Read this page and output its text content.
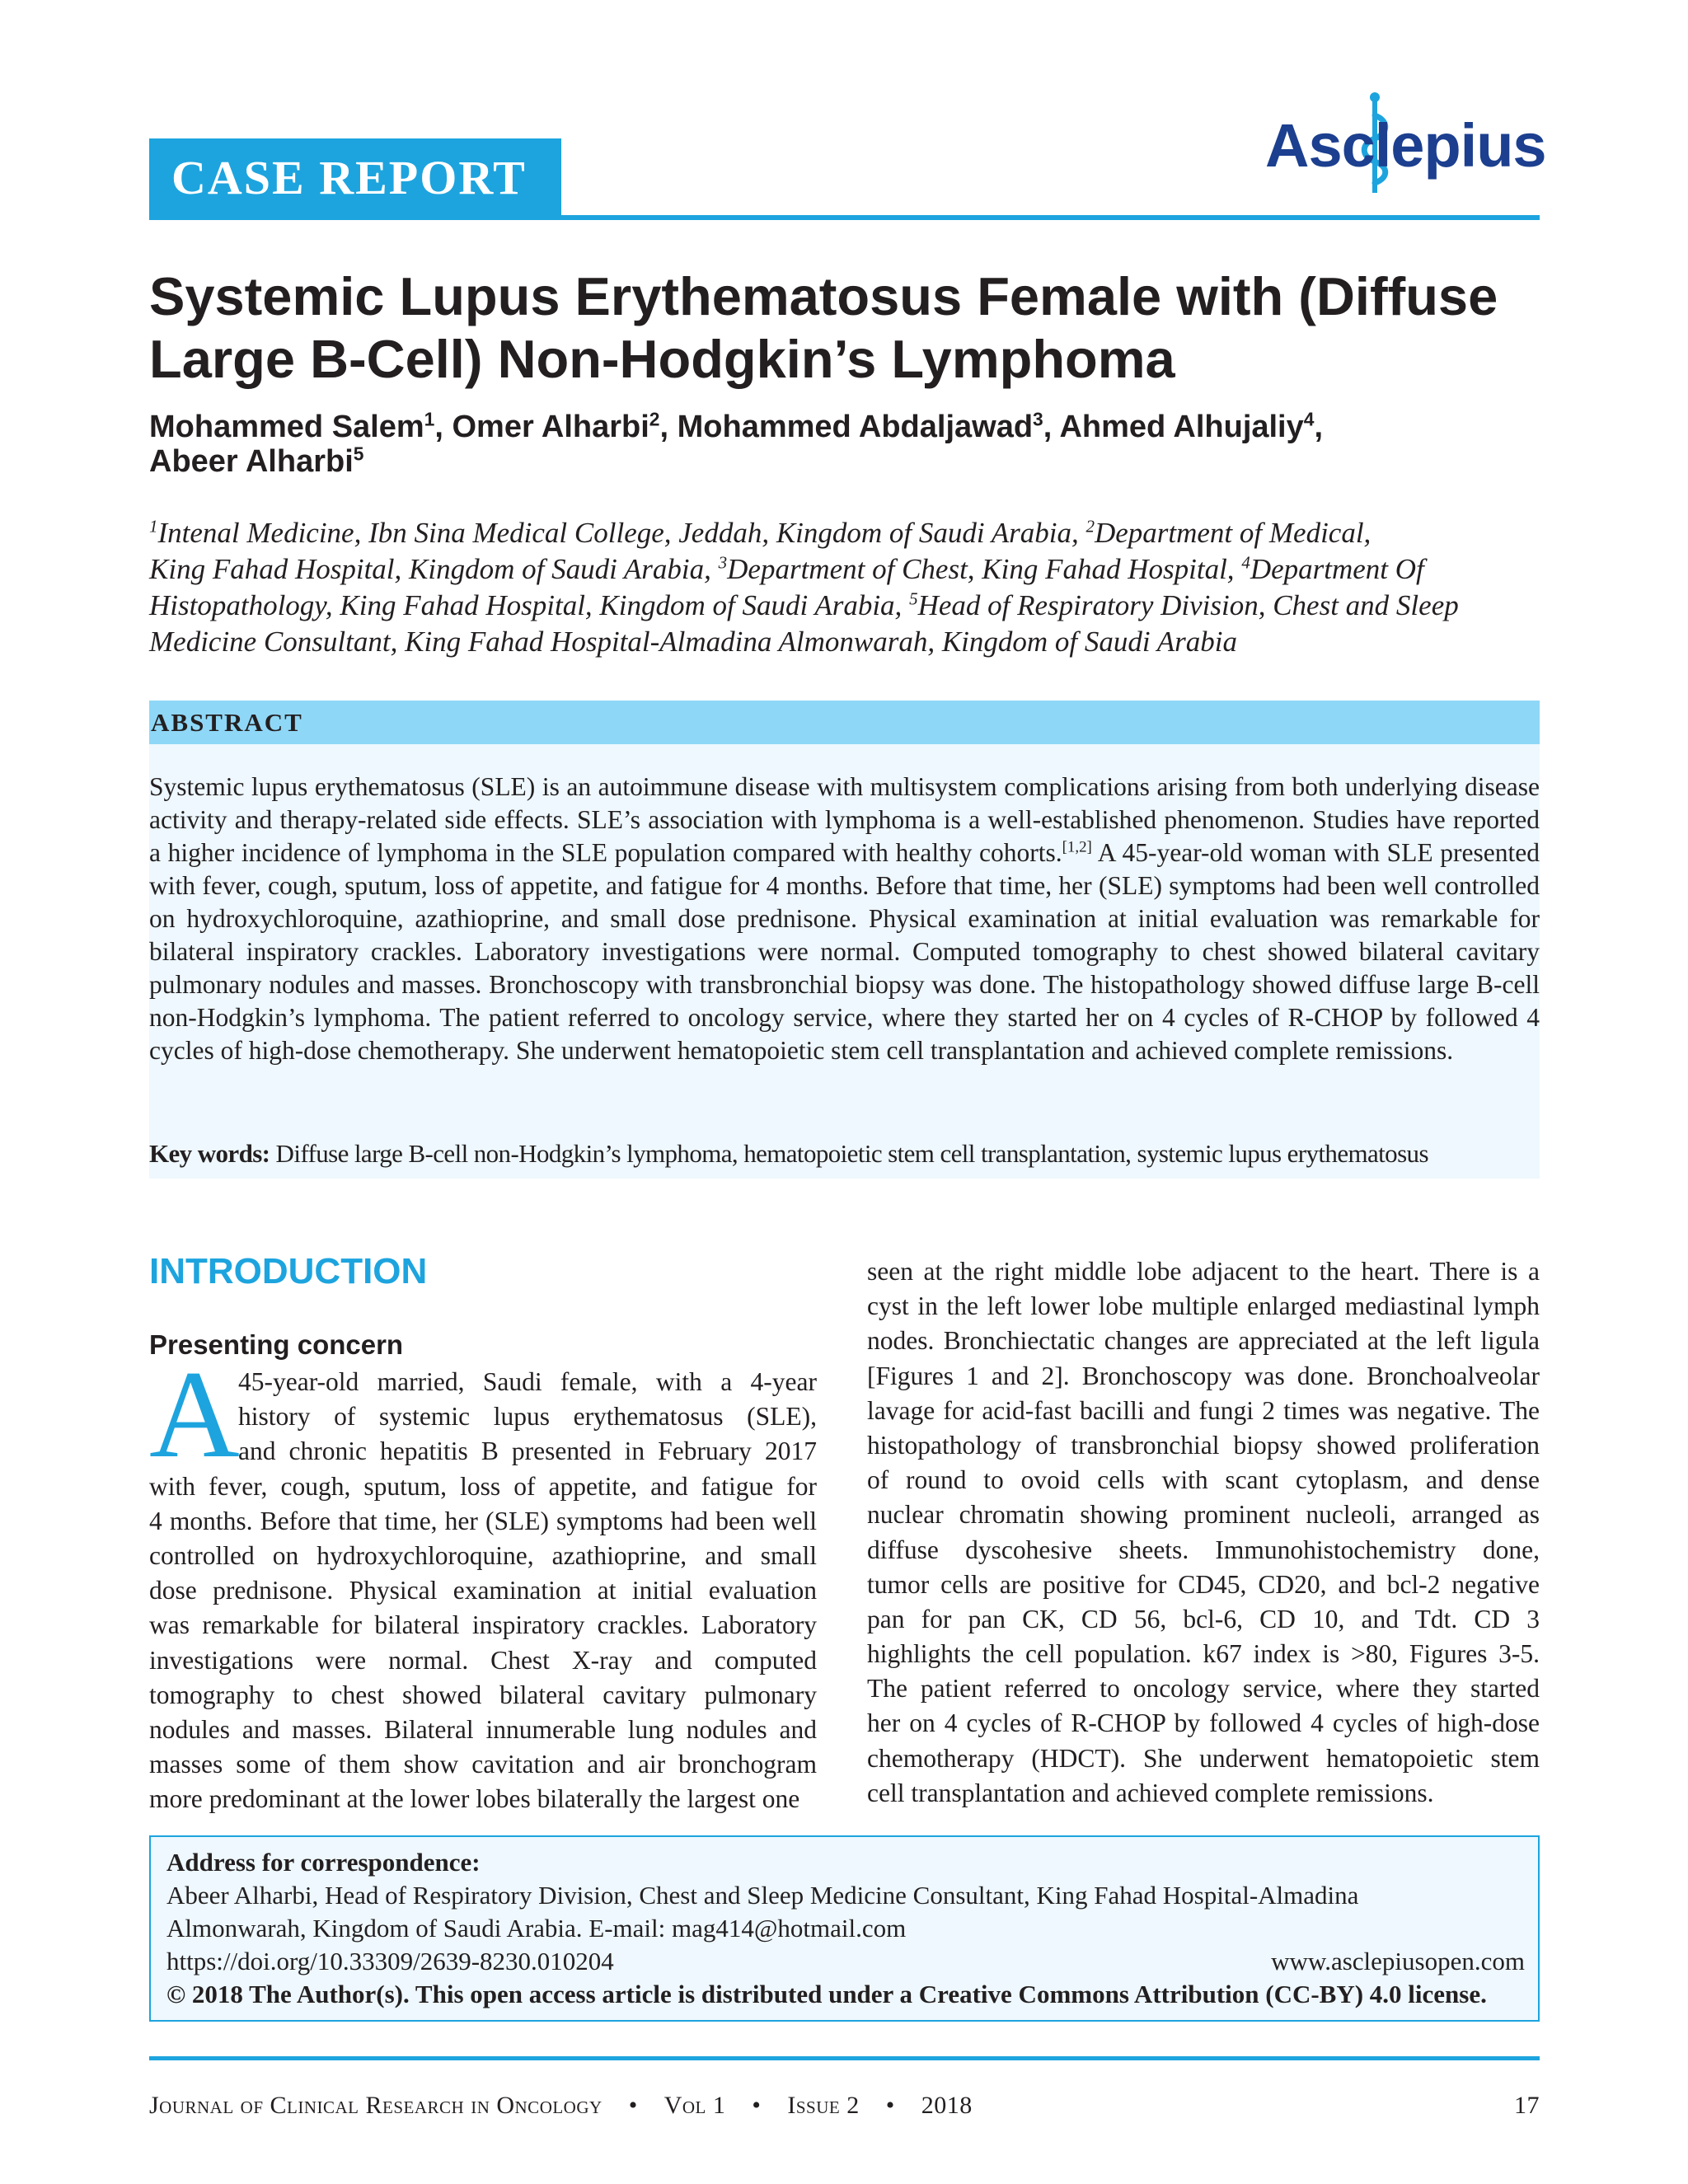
CASE REPORT	Asclepius
Systemic Lupus Erythematosus Female with (Diffuse
Large B-Cell) Non-Hodgkin’s Lymphoma
Mohammed Salem$^1$, Omer Alharbi$^2$, Mohammed Abdaljawad$^3$, Ahmed Alhujaliy$^4$,
Abeer Alharbi$^5$
$^1$Intenal Medicine, Ibn Sina Medical College, Jeddah, Kingdom of Saudi Arabia, $^2$Department of Medical,
King Fahad Hospital, Kingdom of Saudi Arabia, $^3$Department of Chest, King Fahad Hospital, $^4$Department Of
Histopathology, King Fahad Hospital, Kingdom of Saudi Arabia, $^5$Head of Respiratory Division, Chest and Sleep
Medicine Consultant, King Fahad Hospital-Almadina Almonwarah, Kingdom of Saudi Arabia
ABSTRACT
Systemic lupus erythematosus (SLE) is an autoimmune disease with multisystem complications arising from both underlying disease activity and therapy-related side effects. SLE’s association with lymphoma is a well-established phenomenon. Studies have reported a higher incidence of lymphoma in the SLE population compared with healthy cohorts.[1,2] A 45-year-old woman with SLE presented with fever, cough, sputum, loss of appetite, and fatigue for 4 months. Before that time, her (SLE) symptoms had been well controlled on hydroxychloroquine, azathioprine, and small dose prednisone. Physical examination at initial evaluation was remarkable for bilateral inspiratory crackles. Laboratory investigations were normal. Computed tomography to chest showed bilateral cavitary pulmonary nodules and masses. Bronchoscopy with transbronchial biopsy was done. The histopathology showed diffuse large B-cell non-Hodgkin’s lymphoma. The patient referred to oncology service, where they started her on 4 cycles of R-CHOP by followed 4 cycles of high-dose chemotherapy. She underwent hematopoietic stem cell transplantation and achieved complete remissions.
Key words: Diffuse large B-cell non-Hodgkin’s lymphoma, hematopoietic stem cell transplantation, systemic lupus erythematosus
INTRODUCTION
Presenting concern
A
45-year-old married, Saudi female, with a 4-year
history of systemic lupus erythematosus (SLE),
and chronic hepatitis B presented in February 2017
with fever, cough, sputum, loss of appetite, and fatigue for
4 months. Before that time, her (SLE) symptoms had been well
controlled on hydroxychloroquine, azathioprine, and small
dose prednisone. Physical examination at initial evaluation
was remarkable for bilateral inspiratory crackles. Laboratory
investigations were normal. Chest X-ray and computed
tomography to chest showed bilateral cavitary pulmonary
nodules and masses. Bilateral innumerable lung nodules and
masses some of them show cavitation and air bronchogram
more predominant at the lower lobes bilaterally the largest one
seen at the right middle lobe adjacent to the heart. There is a
cyst in the left lower lobe multiple enlarged mediastinal lymph
nodes. Bronchiectatic changes are appreciated at the left ligula
[Figures 1 and 2]. Bronchoscopy was done. Bronchoalveolar
lavage for acid-fast bacilli and fungi 2 times was negative. The
histopathology of transbronchial biopsy showed proliferation
of round to ovoid cells with scant cytoplasm, and dense
nuclear chromatin showing prominent nucleoli, arranged as
diffuse dyscohesive sheets. Immunohistochemistry done,
tumor cells are positive for CD45, CD20, and bcl-2 negative
pan for pan CK, CD 56, bcl-6, CD 10, and Tdt. CD 3
highlights the cell population. k67 index is >80, Figures 3-5.
The patient referred to oncology service, where they started
her on 4 cycles of R-CHOP by followed 4 cycles of high-dose
chemotherapy (HDCT). She underwent hematopoietic stem
cell transplantation and achieved complete remissions.
Address for correspondence:
Abeer Alharbi, Head of Respiratory Division, Chest and Sleep Medicine Consultant, King Fahad Hospital-Almadina
Almonwarah, Kingdom of Saudi Arabia. E-mail: mag414@hotmail.com
https://doi.org/10.33309/2639-8230.010204	www.asclepiusopen.com
© 2018 The Author(s). This open access article is distributed under a Creative Commons Attribution (CC-BY) 4.0 license.
Journal of Clinical Research in Oncology • Vol 1 • Issue 2 • 2018	17
